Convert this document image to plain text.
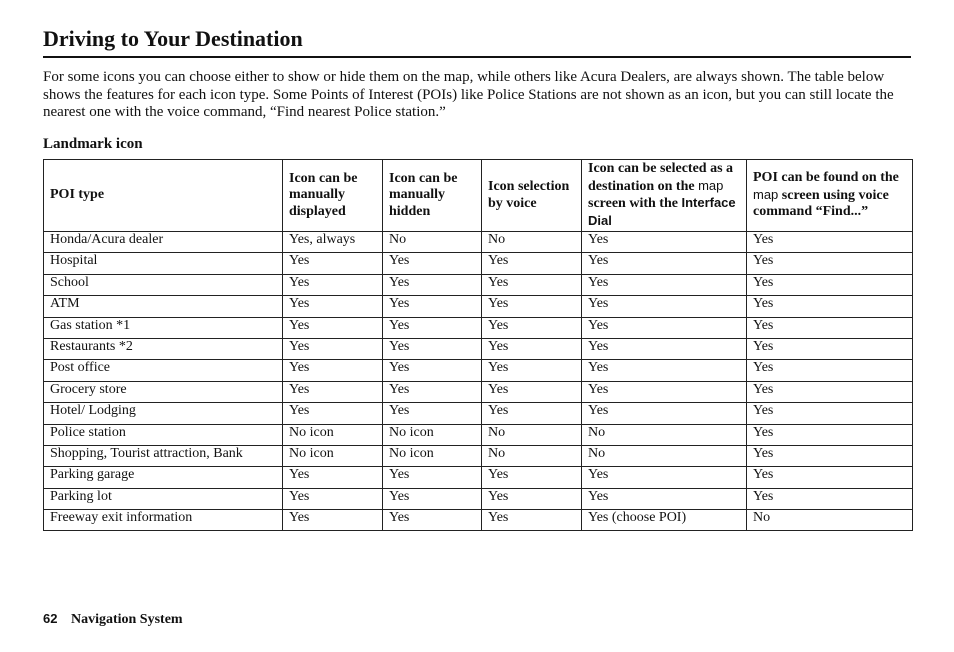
Driving to Your Destination
For some icons you can choose either to show or hide them on the map, while others like Acura Dealers, are always shown. The table below shows the features for each icon type. Some Points of Interest (POIs) like Police Stations are not shown as an icon, but you can still locate the nearest one with the voice command, “Find nearest Police station.”
Landmark icon
POI type	Icon can be manually displayed	Icon can be manually hidden	Icon selection by voice	Icon can be selected as a destination on the map screen with the Interface Dial	POI can be found on the map screen using voice command “Find...”
Honda/Acura dealer	Yes, always	No	No	Yes	Yes
Hospital	Yes	Yes	Yes	Yes	Yes
School	Yes	Yes	Yes	Yes	Yes
ATM	Yes	Yes	Yes	Yes	Yes
Gas station *1	Yes	Yes	Yes	Yes	Yes
Restaurants *2	Yes	Yes	Yes	Yes	Yes
Post office	Yes	Yes	Yes	Yes	Yes
Grocery store	Yes	Yes	Yes	Yes	Yes
Hotel/ Lodging	Yes	Yes	Yes	Yes	Yes
Police station	No icon	No icon	No	No	Yes
Shopping, Tourist attraction, Bank	No icon	No icon	No	No	Yes
Parking garage	Yes	Yes	Yes	Yes	Yes
Parking lot	Yes	Yes	Yes	Yes	Yes
Freeway exit information	Yes	Yes	Yes	Yes (choose POI)	No
62 Navigation System
